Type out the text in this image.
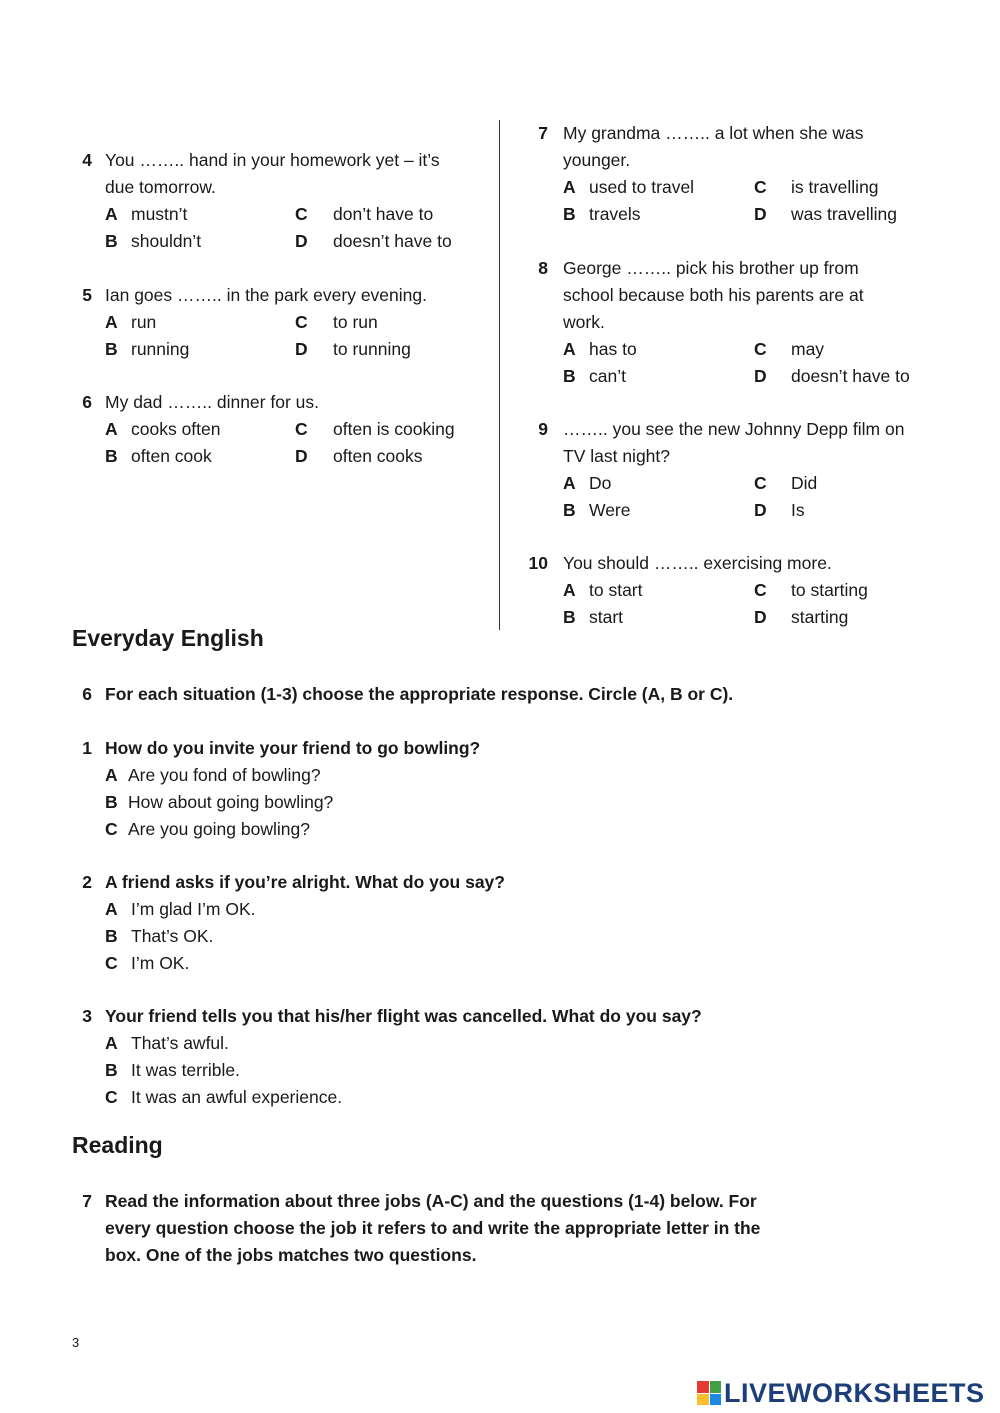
4 You …….. hand in your homework yet – it’s
due tomorrow.
A mustn’t
B shouldn’t
C don’t have to
D doesn’t have to
5 Ian goes …….. in the park every evening.
A run
B running
C to run
D to running
6 My dad …….. dinner for us.
A cooks often
B often cook
C often is cooking
D often cooks
7 My grandma …….. a lot when she was
younger.
A used to travel
B travels
C is travelling
D was travelling
8 George …….. pick his brother up from
school because both his parents are at
work.
A has to
B can’t
C may
D doesn’t have to
9 …….. you see the new Johnny Depp film on
TV last night?
A Do
B Were
C Did
D Is
10 You should …….. exercising more.
A to start
B start
C to starting
D starting
Everyday English
6 For each situation (1-3) choose the appropriate response. Circle (A, B or C).
1 How do you invite your friend to go bowling?
A Are you fond of bowling?
B How about going bowling?
C Are you going bowling?
2 A friend asks if you’re alright. What do you say?
A I’m glad I’m OK.
B That’s OK.
C I’m OK.
3 Your friend tells you that his/her flight was cancelled. What do you say?
A That’s awful.
B It was terrible.
C It was an awful experience.
Reading
7 Read the information about three jobs (A-C) and the questions (1-4) below. For
every question choose the job it refers to and write the appropriate letter in the
box. One of the jobs matches two questions.
3
LIVEWORKSHEETS
